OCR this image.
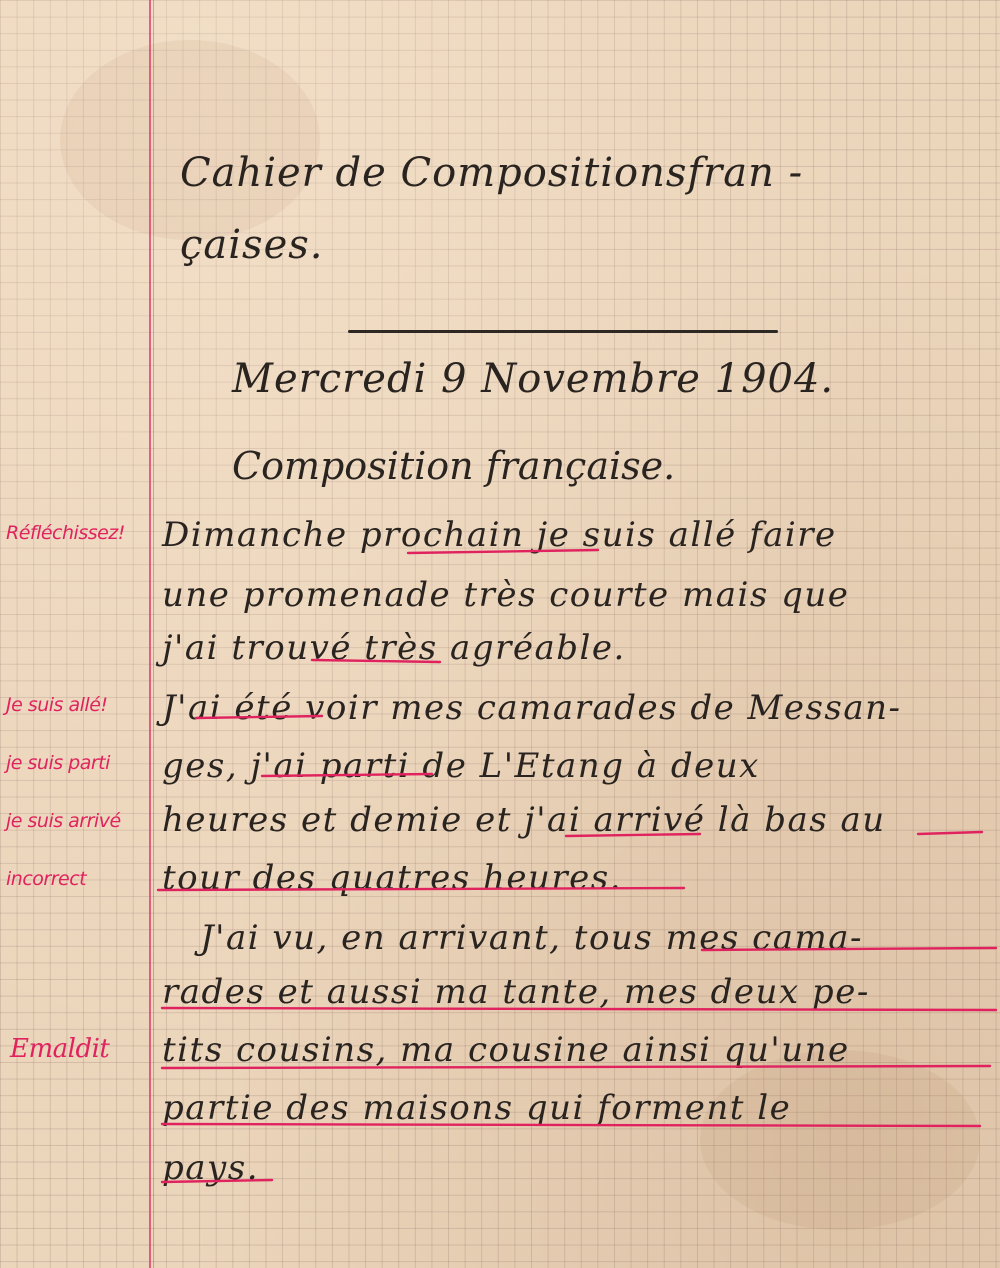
Cahier de Compositionsfran -
çaises.
Mercredi 9 Novembre 1904.
Composition française.
Dimanche prochain je suis allé faire
une promenade très courte mais que
j'ai trouvé très agréable.
J'ai été voir mes camarades de Messan-
ges, j'ai parti de L'Etang à deux
heures et demie et j'ai arrivé là bas au
tour des quatres heures.
J'ai vu, en arrivant, tous mes cama-
rades et aussi ma tante, mes deux pe-
tits cousins, ma cousine ainsi qu'une
partie des maisons qui forment le
pays.
Réfléchissez!
Je suis allé!
je suis parti
je suis arrivé
incorrect
Emaldit
